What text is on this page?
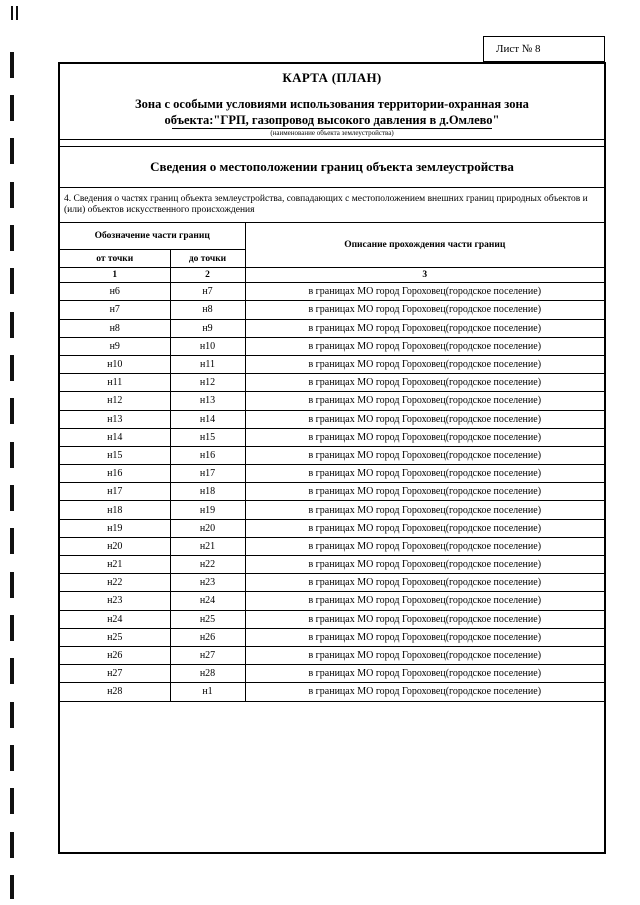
Лист № 8
КАРТА (ПЛАН)
Зона с особыми условиями использования территории-охранная зона
объекта:"ГРП, газопровод высокого давления в д.Омлево"
(наименование объекта землеустройства)
Сведения о местоположении границ объекта землеустройства
4. Сведения о частях границ объекта землеустройства, совпадающих с местоположением внешних границ природных объектов и (или) объектов искусственного происхождения
Обозначение части границ		Описание прохождения части границ
от точки	до точки	
1	2	3
н6	н7	в границах МО город Гороховец(городское поселение)
н7	н8	в границах МО город Гороховец(городское поселение)
н8	н9	в границах МО город Гороховец(городское поселение)
н9	н10	в границах МО город Гороховец(городское поселение)
н10	н11	в границах МО город Гороховец(городское поселение)
н11	н12	в границах МО город Гороховец(городское поселение)
н12	н13	в границах МО город Гороховец(городское поселение)
н13	н14	в границах МО город Гороховец(городское поселение)
н14	н15	в границах МО город Гороховец(городское поселение)
н15	н16	в границах МО город Гороховец(городское поселение)
н16	н17	в границах МО город Гороховец(городское поселение)
н17	н18	в границах МО город Гороховец(городское поселение)
н18	н19	в границах МО город Гороховец(городское поселение)
н19	н20	в границах МО город Гороховец(городское поселение)
н20	н21	в границах МО город Гороховец(городское поселение)
н21	н22	в границах МО город Гороховец(городское поселение)
н22	н23	в границах МО город Гороховец(городское поселение)
н23	н24	в границах МО город Гороховец(городское поселение)
н24	н25	в границах МО город Гороховец(городское поселение)
н25	н26	в границах МО город Гороховец(городское поселение)
н26	н27	в границах МО город Гороховец(городское поселение)
н27	н28	в границах МО город Гороховец(городское поселение)
н28	н1	в границах МО город Гороховец(городское поселение)
